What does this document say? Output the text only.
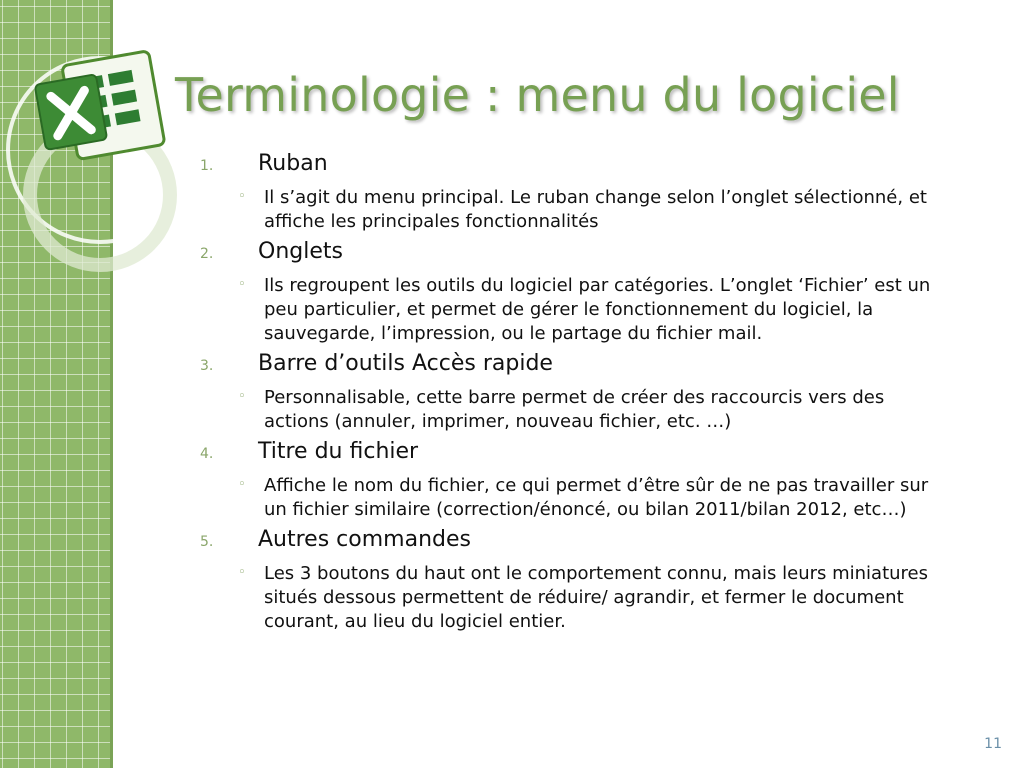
Terminologie : menu du logiciel
1.	Ruban
◦	Il s’agit du menu principal. Le ruban change selon l’onglet sélectionné, et affiche les principales fonctionnalités
2.	Onglets
◦	Ils regroupent les outils du logiciel par catégories. L’onglet ‘Fichier’ est un peu particulier, et permet de gérer le fonctionnement du logiciel, la sauvegarde, l’impression, ou le partage du fichier mail.
3.	Barre d’outils Accès rapide
◦	Personnalisable, cette barre permet de créer des raccourcis vers des actions (annuler, imprimer, nouveau fichier, etc. …)
4.	Titre du fichier
◦	Affiche le nom du fichier, ce qui permet d’être sûr de ne pas travailler sur un fichier similaire (correction/énoncé, ou bilan 2011/bilan 2012, etc…)
5.	Autres commandes
◦	Les 3 boutons du haut ont le comportement connu, mais leurs miniatures situés dessous permettent de réduire/ agrandir, et fermer le document courant, au lieu du logiciel entier.
11
